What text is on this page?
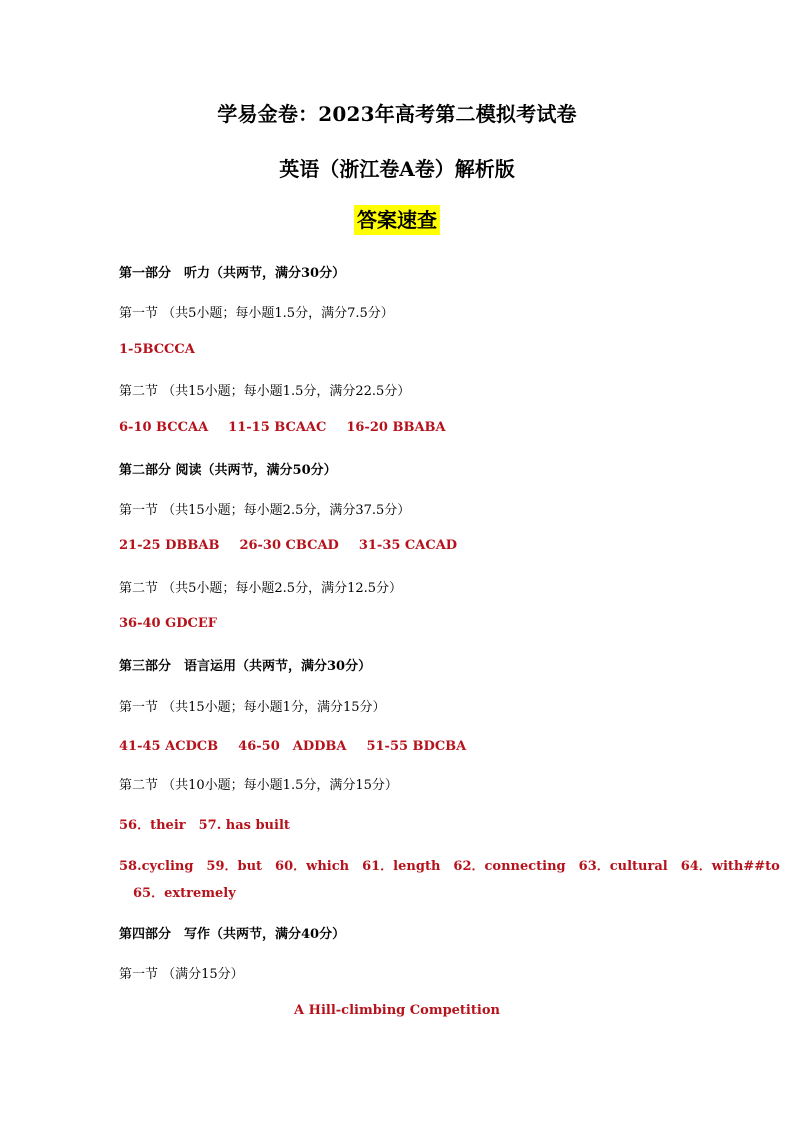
学易金卷：2023年高考第二模拟考试卷
英语（浙江卷A卷）解析版
答案速查
第一部分　听力（共两节，满分30分）
第一节 （共5小题；每小题1.5分，满分7.5分）
1-5BCCCA
第二节 （共15小题；每小题1.5分，满分22.5分）
6-10 BCCAA 11-15 BCAAC 16-20 BBABA
第二部分 阅读（共两节，满分50分）
第一节 （共15小题；每小题2.5分，满分37.5分）
21-25 DBBAB 26-30 CBCAD 31-35 CACAD
第二节 （共5小题；每小题2.5分，满分12.5分）
36-40 GDCEF
第三部分　语言运用（共两节，满分30分）
第一节 （共15小题；每小题1分，满分15分）
41-45 ACDCB 46-50　ADDBA 51-55 BDCBA
第二节 （共10小题；每小题1.5分，满分15分）
56．their　57. has built
58.cycling　59．but　60．which　61．length　62．connecting　63．cultural　64．with##to
65．extremely
第四部分　写作（共两节，满分40分）
第一节 （满分15分）
A Hill-climbing Competition
